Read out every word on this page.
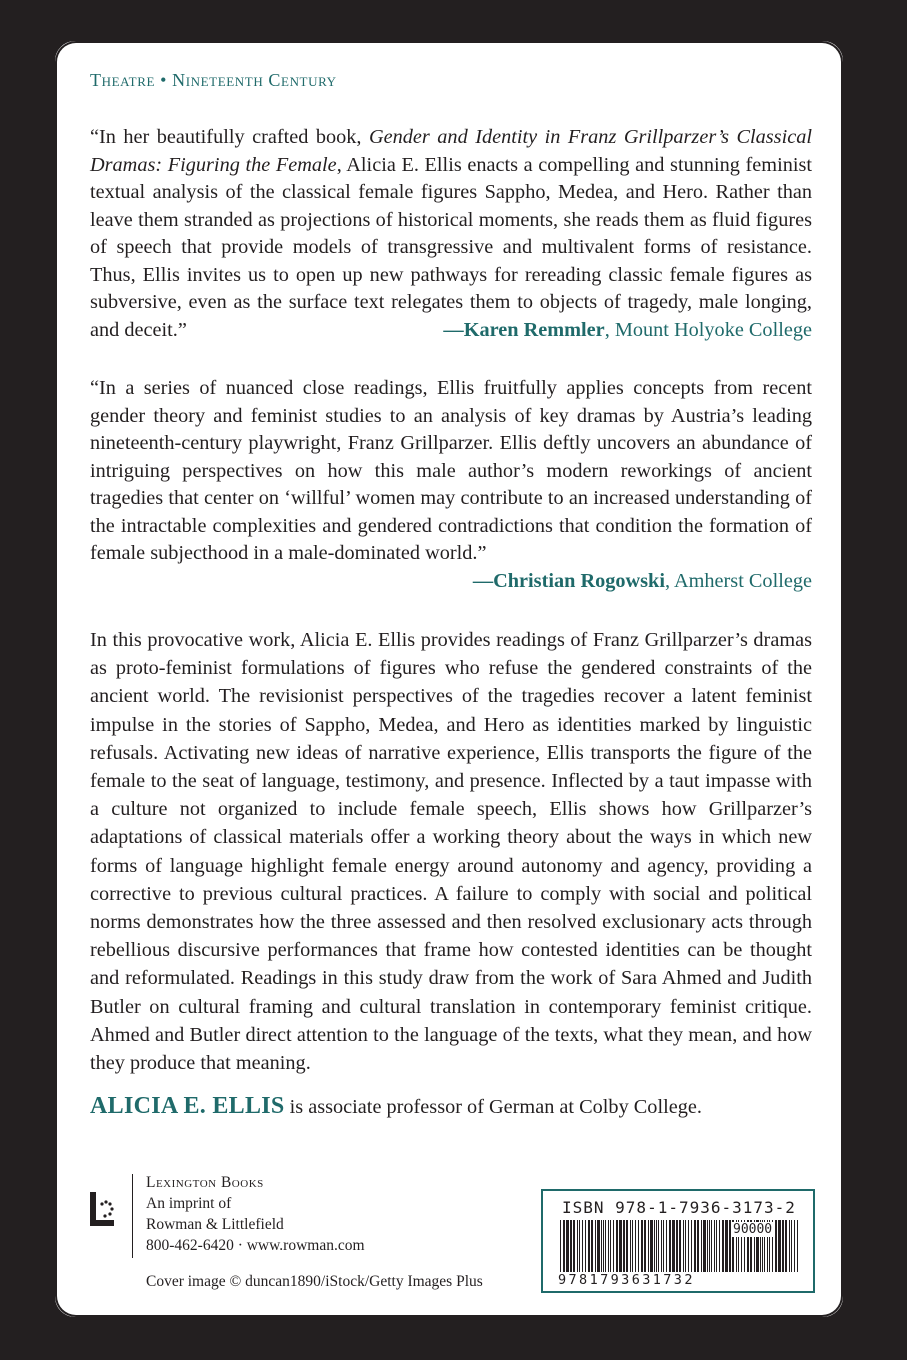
Theatre • Nineteenth Century
“In her beautifully crafted book, Gender and Identity in Franz Grillparzer’s Classical Dramas: Figuring the Female, Alicia E. Ellis enacts a compelling and stunning feminist textual analysis of the classical female figures Sappho, Medea, and Hero. Rather than leave them stranded as projections of historical moments, she reads them as fluid figures of speech that provide models of transgressive and multivalent forms of resistance. Thus, Ellis invites us to open up new pathways for rereading classic female figures as subversive, even as the surface text relegates them to objects of tragedy, male longing, and deceit.”	—Karen Remmler, Mount Holyoke College
“In a series of nuanced close readings, Ellis fruitfully applies concepts from recent gender theory and feminist studies to an analysis of key dramas by Austria’s leading nineteenth-century playwright, Franz Grillparzer. Ellis deftly uncovers an abundance of intriguing perspectives on how this male author’s modern reworkings of ancient tragedies that center on ‘willful’ women may contribute to an increased understanding of the intractable complexities and gendered contradictions that condition the formation of female subjecthood in a male-dominated world.”
—Christian Rogowski, Amherst College
In this provocative work, Alicia E. Ellis provides readings of Franz Grillparzer’s dramas as proto-feminist formulations of figures who refuse the gendered constraints of the ancient world. The revisionist perspectives of the tragedies recover a latent feminist impulse in the stories of Sappho, Medea, and Hero as identities marked by linguistic refusals. Activating new ideas of narrative experience, Ellis transports the figure of the female to the seat of language, testimony, and presence. Inflected by a taut impasse with a culture not organized to include female speech, Ellis shows how Grillparzer’s adaptations of classical materials offer a working theory about the ways in which new forms of language highlight female energy around autonomy and agency, providing a corrective to previous cultural practices. A failure to comply with social and political norms demonstrates how the three assessed and then resolved exclusionary acts through rebellious discursive performances that frame how contested identities can be thought and reformulated. Readings in this study draw from the work of Sara Ahmed and Judith Butler on cultural framing and cultural translation in contemporary feminist critique. Ahmed and Butler direct attention to the language of the texts, what they mean, and how they produce that meaning.
ALICIA E. ELLIS is associate professor of German at Colby College.
Lexington Books
An imprint of
Rowman & Littlefield
800-462-6420 · www.rowman.com
Cover image © duncan1890/iStock/Getty Images Plus
ISBN 978-1-7936-3173-2
90000
9781793631732
